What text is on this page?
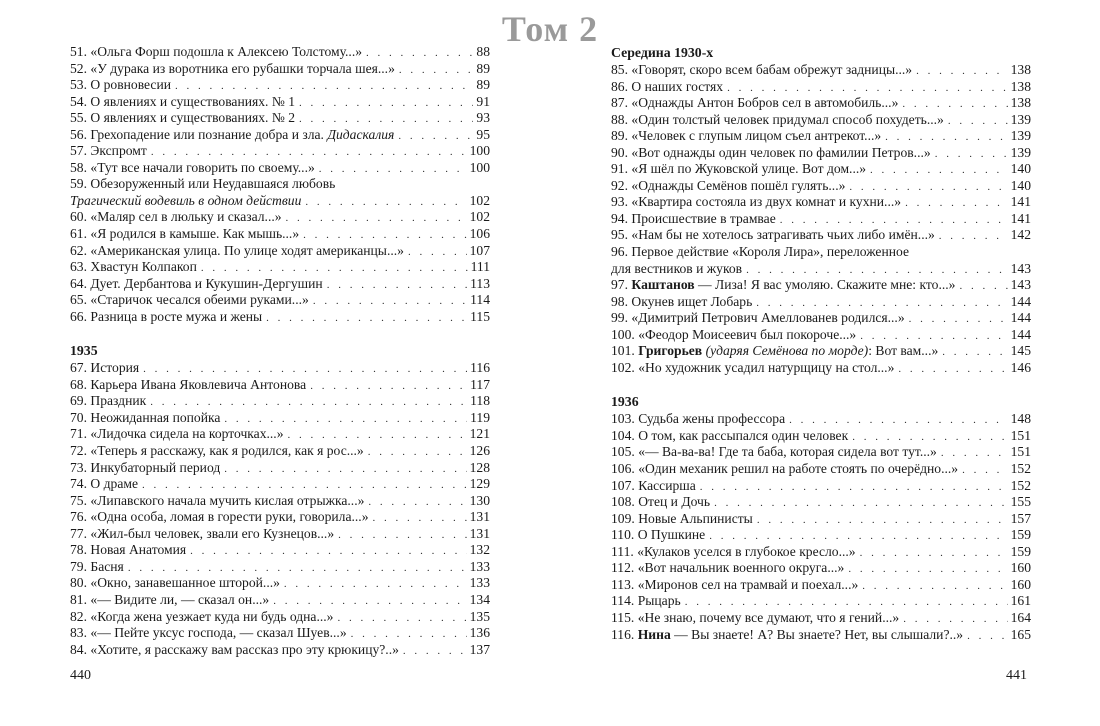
Том 2
51. «Ольга Форш подошла к Алексею Толстому...» . . .	88
52. «У дурака из воротника его рубашки торчала шея...» . . .	89
53. О ровновесии . . .	89
54. О явлениях и существованиях. № 1 . . .	91
55. О явлениях и существованиях. № 2 . . .	93
56. Грехопадение или познание добра и зла. Дидаскалия . . .	95
57. Экспромт . . .	100
58. «Тут все начали говорить по своему...» . . .	100
59. Обезоруженный или Неудавшаяся любовь
Трагический водевиль в одном действии . . .	102
60. «Маляр сел в люльку и сказал...» . . .	102
61. «Я родился в камыше. Как мышь...» . . .	106
62. «Американская улица. По улице ходят американцы...» . . .	107
63. Хвастун Колпакоп . . .	111
64. Дует. Дербантова и Кукушин-Дергушин . . .	113
65. «Старичок чесался обеими руками...» . . .	114
66. Разница в росте мужа и жены . . .	115
1935
67. История . . .	116
68. Карьера Ивана Яковлевича Антонова . . .	117
69. Праздник . . .	118
70. Неожиданная попойка . . .	119
71. «Лидочка сидела на корточках...» . . .	121
72. «Теперь я расскажу, как я родился, как я рос...» . . .	126
73. Инкубаторный период . . .	128
74. О драме . . .	129
75. «Липавского начала мучить кислая отрыжка...» . . .	130
76. «Одна особа, ломая в горести руки, говорила...» . . .	131
77. «Жил-был человек, звали его Кузнецов...» . . .	131
78. Новая Анатомия . . .	132
79. Басня . . .	133
80. «Окно, занавешанное шторой...» . . .	133
81. «— Видите ли, — сказал он...» . . .	134
82. «Когда жена уезжает куда ни будь одна...» . . .	135
83. «— Пейте уксус господа, — сказал Шуев...» . . .	136
84. «Хотите, я расскажу вам рассказ про эту крюкицу?..» . . .	137
440
Середина 1930-х
85. «Говорят, скоро всем бабам обрежут задницы...» . . .	138
86. О наших гостях . . .	138
87. «Однажды Антон Бобров сел в автомобиль...» . . .	138
88. «Один толстый человек придумал способ похудеть...» . . .	139
89. «Человек с глупым лицом съел антрекот...» . . .	139
90. «Вот однажды один человек по фамилии Петров...» . . .	139
91. «Я шёл по Жуковской улице. Вот дом...» . . .	140
92. «Однажды Семёнов пошёл гулять...» . . .	140
93. «Квартира состояла из двух комнат и кухни...» . . .	141
94. Происшествие в трамвае . . .	141
95. «Нам бы не хотелось затрагивать чьих либо имён...» . . .	142
96. Первое действие «Короля Лира», переложенное
для вестников и жуков . . .	143
97. Каштанов — Лиза! Я вас умоляю. Скажите мне: кто...» . . .	143
98. Окунев ищет Лобарь . . .	144
99. «Димитрий Петрович Амеллованев родился...» . . .	144
100. «Феодор Моисеевич был покороче...» . . .	144
101. Григорьев (ударяя Семёнова по морде): Вот вам...» . . .	145
102. «Но художник усадил натурщицу на стол...» . . .	146
1936
103. Судьба жены профессора . . .	148
104. О том, как рассыпался один человек . . .	151
105. «— Ва-ва-ва! Где та баба, которая сидела вот тут...» . . .	151
106. «Один механик решил на работе стоять по очерёдно...» . . .	152
107. Кассирша . . .	152
108. Отец и Дочь . . .	155
109. Новые Альпинисты . . .	157
110. О Пушкине . . .	159
111. «Кулаков уселся в глубокое кресло...» . . .	159
112. «Вот начальник военного округа...» . . .	160
113. «Миронов сел на трамвай и поехал...» . . .	160
114. Рыцарь . . .	161
115. «Не знаю, почему все думают, что я гений...» . . .	164
116. Нина — Вы знаете! А? Вы знаете? Нет, вы слышали?..» . . .	165
441
